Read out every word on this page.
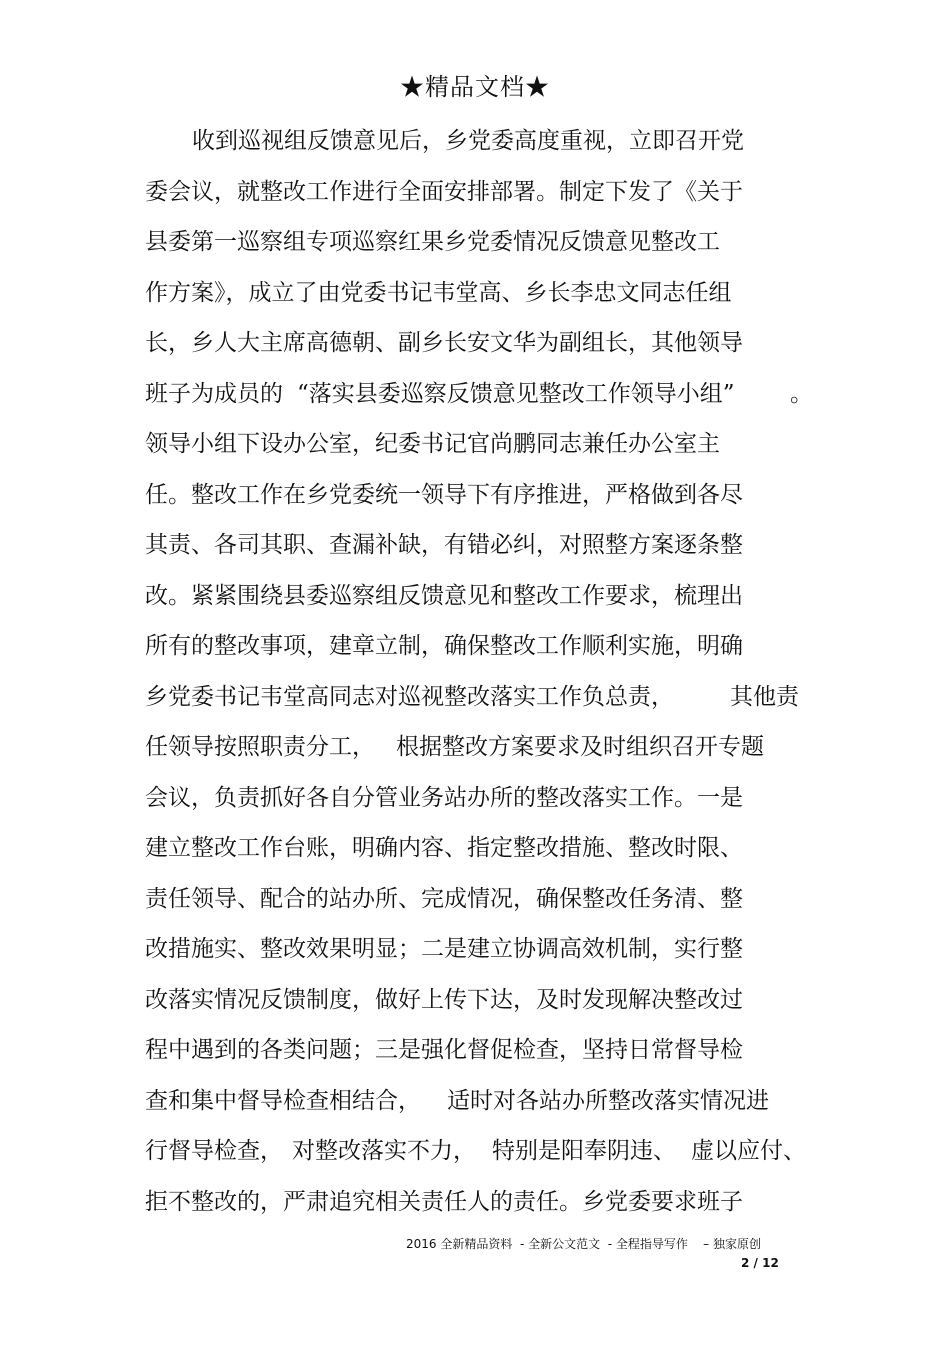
★精品文档★

收到巡视组反馈意见后，乡党委高度重视，立即召开党

委会议，就整改工作进行全面安排部署。制定下发了《关于

县委第一巡察组专项巡察红果乡党委情况反馈意见整改工

作方案》，成立了由党委书记韦堂高、乡长李忠文同志任组

长，乡人大主席高德朝、副乡长安文华为副组长，其他领导

班子为成员的

“落实县委巡察反馈意见整改工作领导小组”

。

领导小组下设办公室，纪委书记官尚鹏同志兼任办公室主

任。整改工作在乡党委统一领导下有序推进，严格做到各尽

其责、各司其职、查漏补缺，有错必纠，对照整方案逐条整

改。紧紧围绕县委巡察组反馈意见和整改工作要求，梳理出

所有的整改事项，建章立制，确保整改工作顺利实施，明确

乡党委书记韦堂高同志对巡视整改落实工作负总责，

其他责

任领导按照职责分工，

根据整改方案要求及时组织召开专题

会议，负责抓好各自分管业务站办所的整改落实工作。一是

建立整改工作台账，明确内容、指定整改措施、整改时限、

责任领导、配合的站办所、完成情况，确保整改任务清、整

改措施实、整改效果明显；二是建立协调高效机制，实行整

改落实情况反馈制度，做好上传下达，及时发现解决整改过

程中遇到的各类问题；三是强化督促检查，坚持日常督导检

查和集中督导检查相结合，

适时对各站办所整改落实情况进

行督导检查，

对整改落实不力，

特别是阳奉阴违、

虚以应付、

拒不整改的，严肃追究相关责任人的责任。乡党委要求班子

2016 全新精品资料  - 全新公文范文  - 全程指导写作    – 独家原创
2 / 12
